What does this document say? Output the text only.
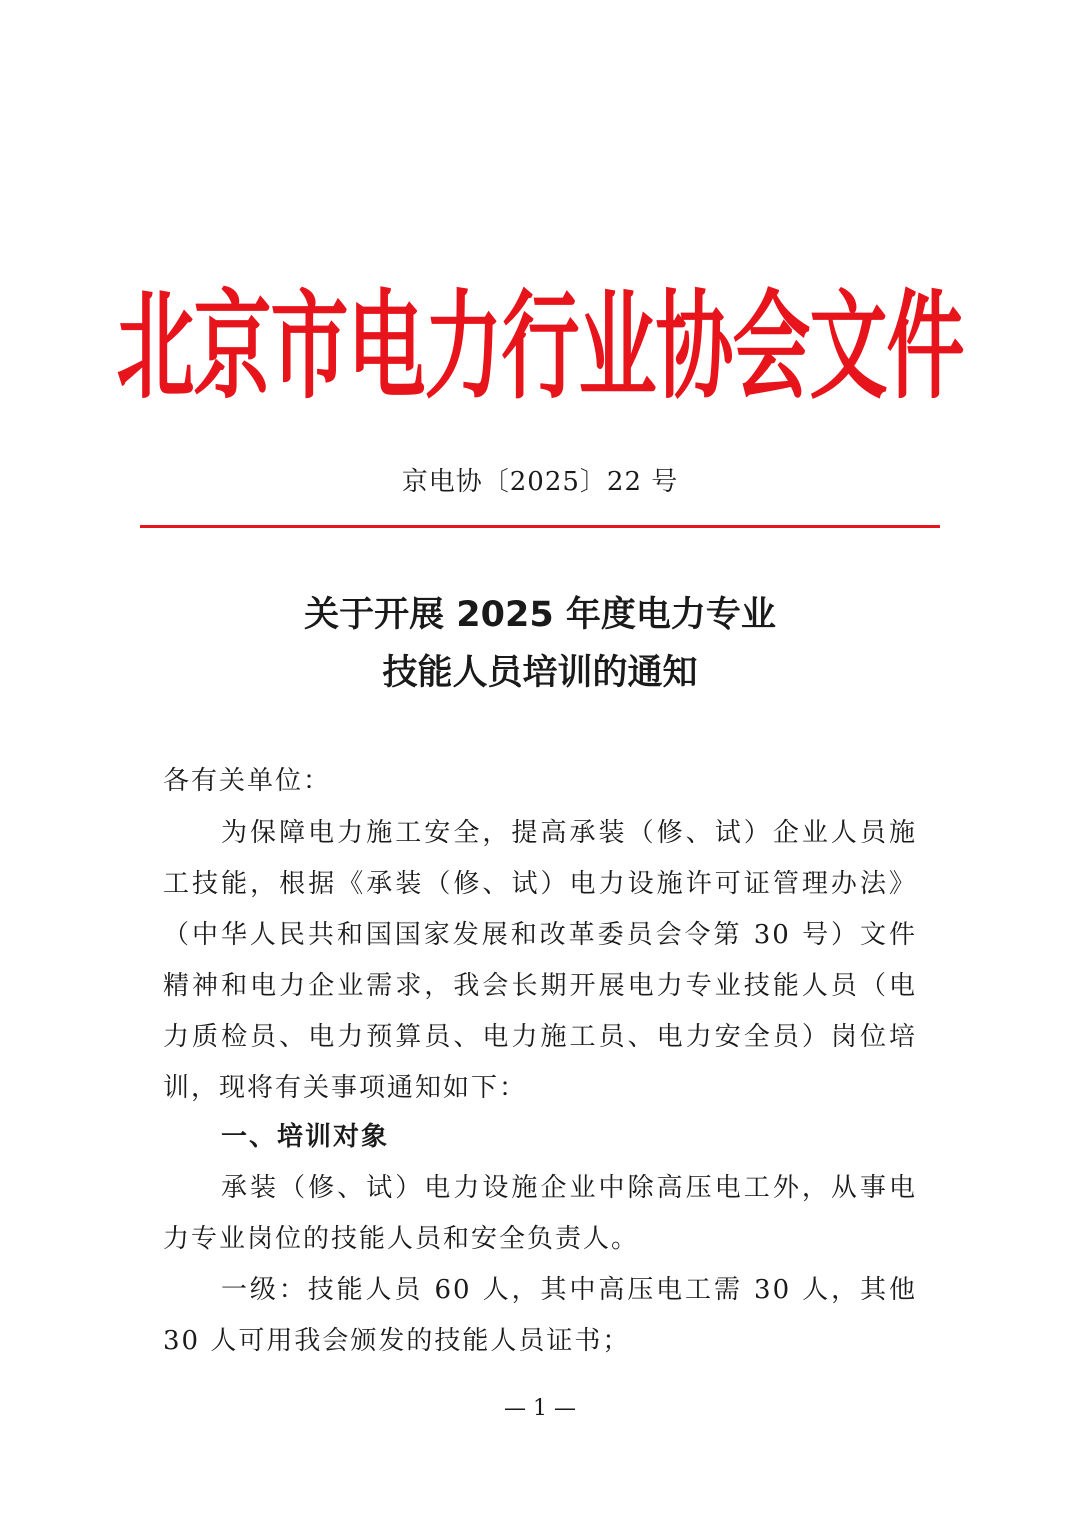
北京市电力行业协会文件
京电协〔2025〕22 号
关于开展 2025 年度电力专业
技能人员培训的通知
各有关单位：
为保障电力施工安全，提高承装（修、试）企业人员施工技能，根据《承装（修、试）电力设施许可证管理办法》（中华人民共和国国家发展和改革委员会令第 30 号）文件精神和电力企业需求，我会长期开展电力专业技能人员（电力质检员、电力预算员、电力施工员、电力安全员）岗位培训，现将有关事项通知如下：
一、培训对象
承装（修、试）电力设施企业中除高压电工外，从事电力专业岗位的技能人员和安全负责人。
一级：技能人员 60 人，其中高压电工需 30 人，其他 30 人可用我会颁发的技能人员证书；
— 1 —
